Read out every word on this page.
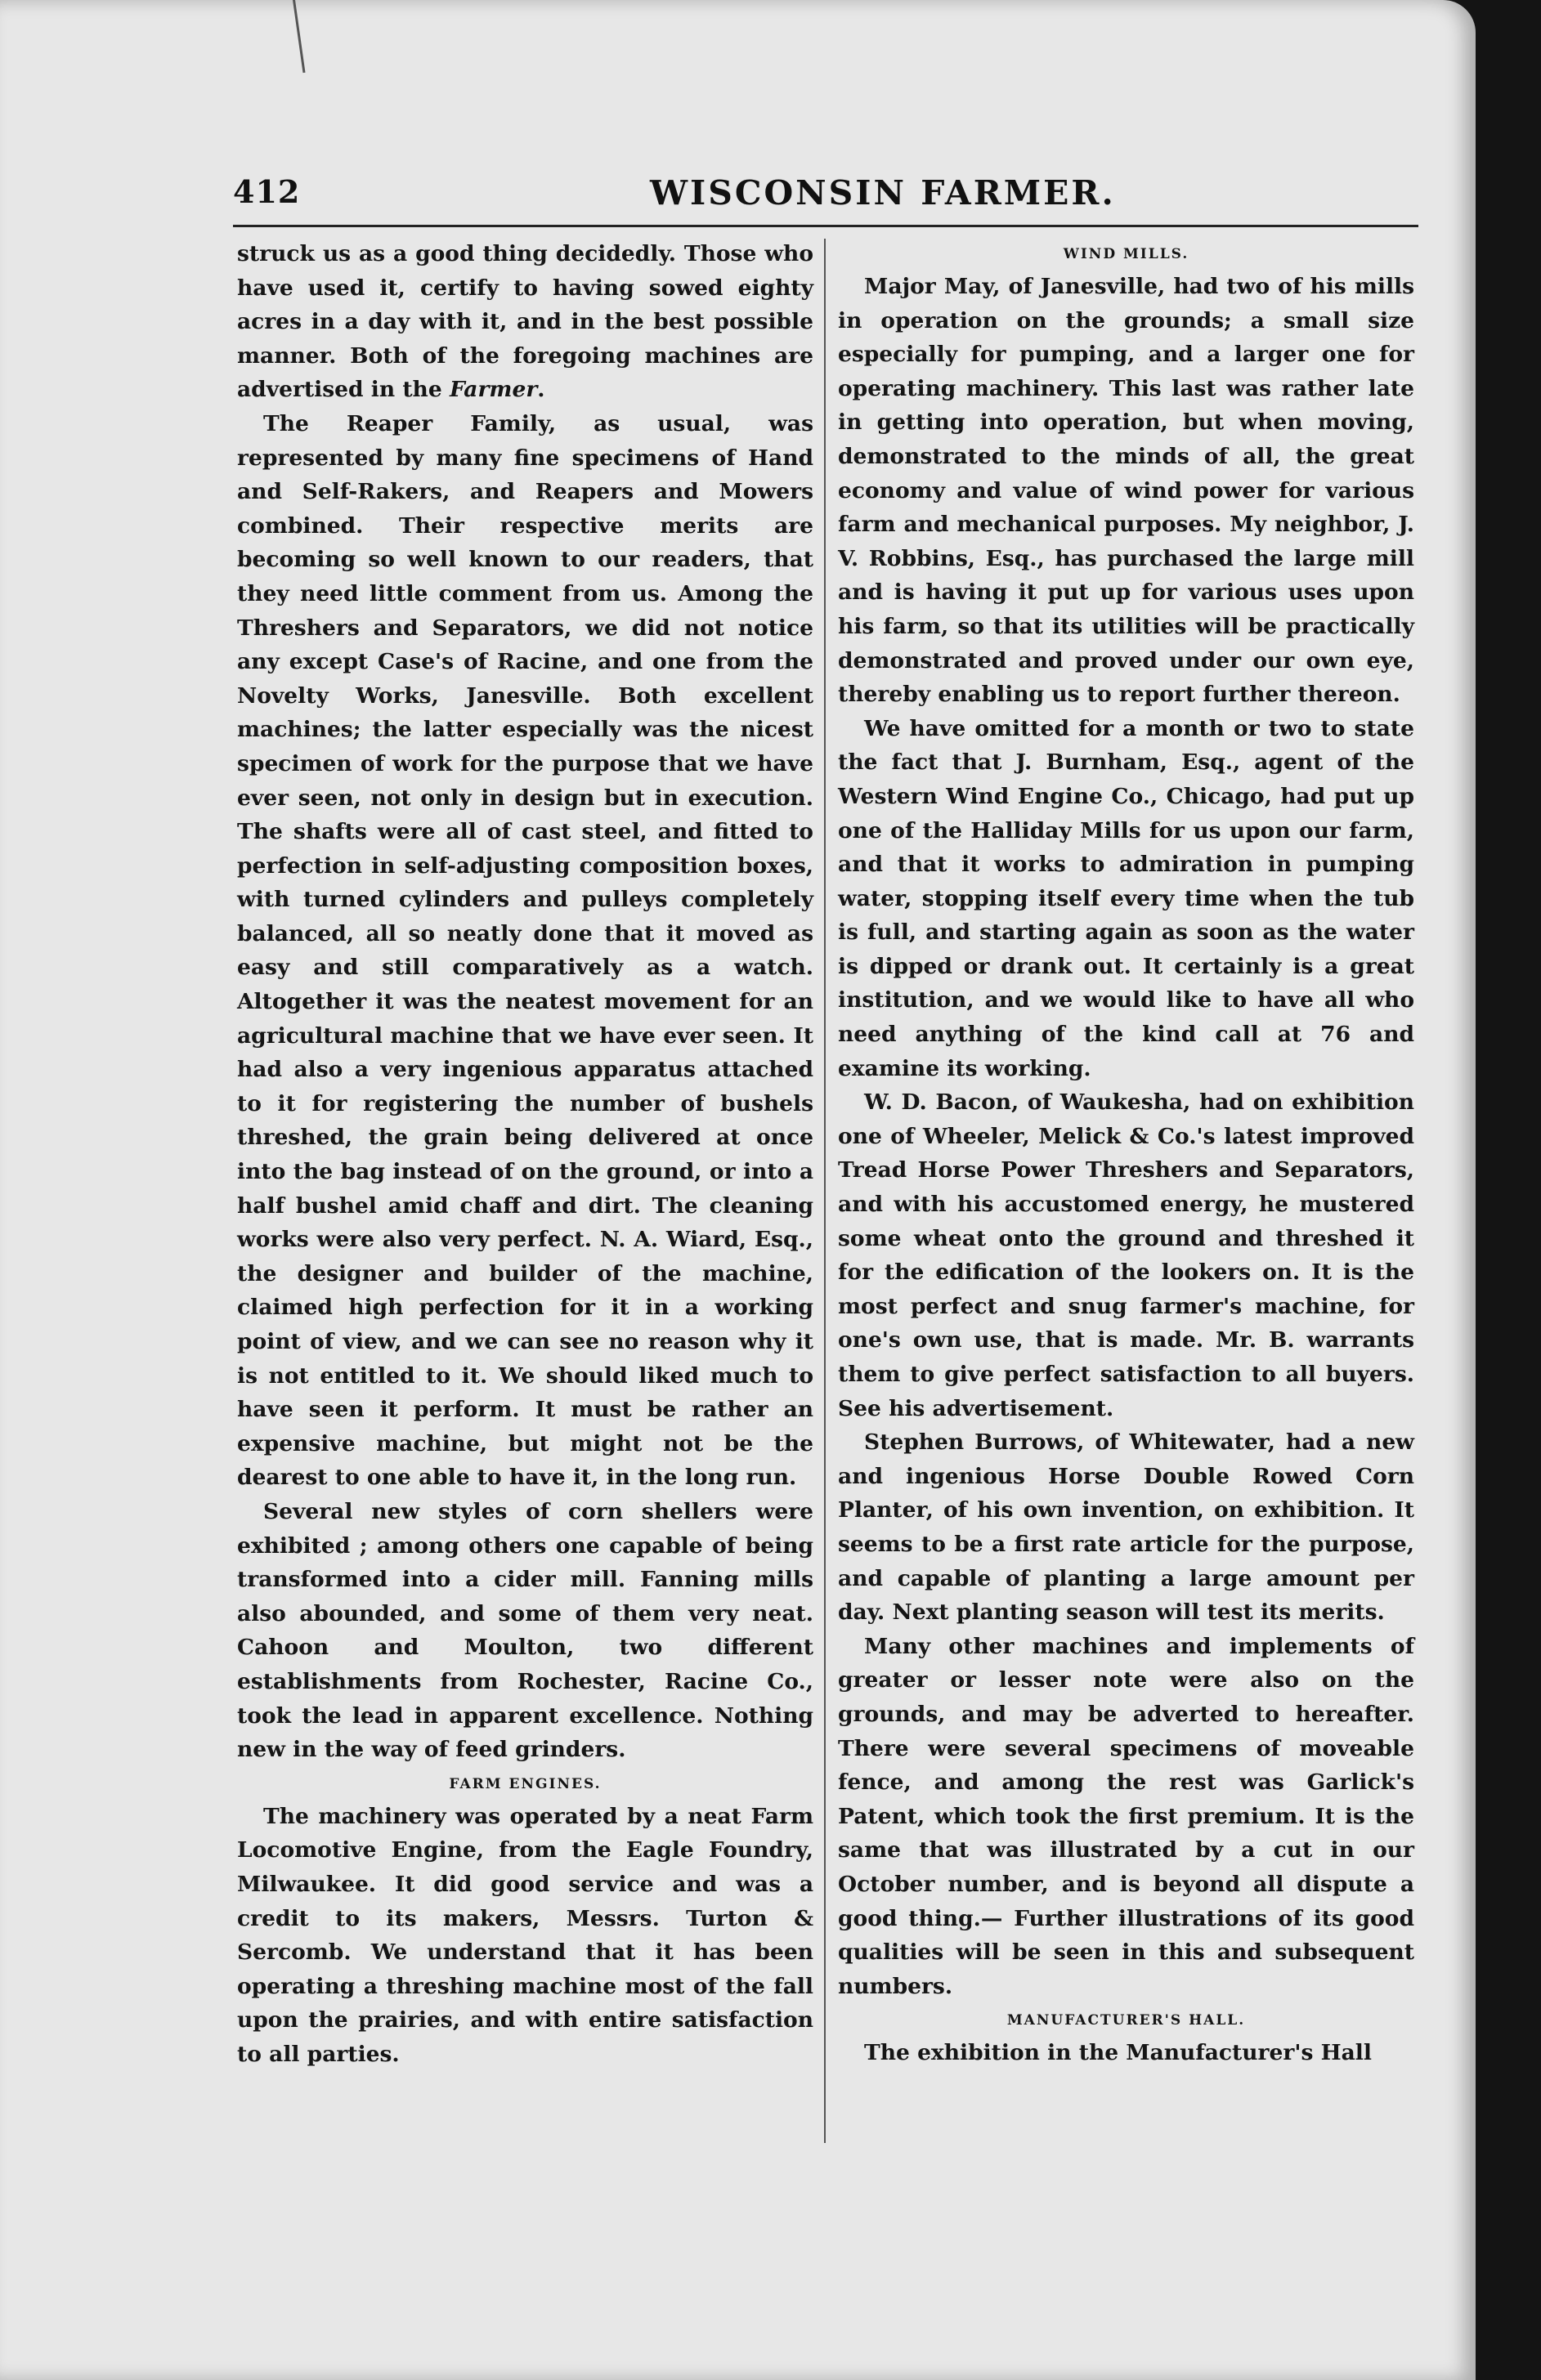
412	WISCONSIN FARMER.

struck us as a good thing decidedly. Those who have used it, certify to having sowed eighty acres in a day with it, and in the best possible manner. Both of the foregoing machines are advertised in the Farmer.

The Reaper Family, as usual, was represented by many fine specimens of Hand and Self-Rakers, and Reapers and Mowers combined. Their respective merits are becoming so well known to our readers, that they need little comment from us. Among the Threshers and Separators, we did not notice any except Case's of Racine, and one from the Novelty Works, Janesville. Both excellent machines; the latter especially was the nicest specimen of work for the purpose that we have ever seen, not only in design but in execution. The shafts were all of cast steel, and fitted to perfection in self-adjusting composition boxes, with turned cylinders and pulleys completely balanced, all so neatly done that it moved as easy and still comparatively as a watch. Altogether it was the neatest movement for an agricultural machine that we have ever seen. It had also a very ingenious apparatus attached to it for registering the number of bushels threshed, the grain being delivered at once into the bag instead of on the ground, or into a half bushel amid chaff and dirt. The cleaning works were also very perfect. N. A. Wiard, Esq., the designer and builder of the machine, claimed high perfection for it in a working point of view, and we can see no reason why it is not entitled to it. We should liked much to have seen it perform. It must be rather an expensive machine, but might not be the dearest to one able to have it, in the long run.

Several new styles of corn shellers were exhibited ; among others one capable of being transformed into a cider mill. Fanning mills also abounded, and some of them very neat. Cahoon and Moulton, two different establishments from Rochester, Racine Co., took the lead in apparent excellence. Nothing new in the way of feed grinders.

FARM ENGINES.

The machinery was operated by a neat Farm Locomotive Engine, from the Eagle Foundry, Milwaukee. It did good service and was a credit to its makers, Messrs. Turton & Sercomb. We understand that it has been operating a threshing machine most of the fall upon the prairies, and with entire satisfaction to all parties.

WIND MILLS.

Major May, of Janesville, had two of his mills in operation on the grounds; a small size especially for pumping, and a larger one for operating machinery. This last was rather late in getting into operation, but when moving, demonstrated to the minds of all, the great economy and value of wind power for various farm and mechanical purposes. My neighbor, J. V. Robbins, Esq., has purchased the large mill and is having it put up for various uses upon his farm, so that its utilities will be practically demonstrated and proved under our own eye, thereby enabling us to report further thereon.

We have omitted for a month or two to state the fact that J. Burnham, Esq., agent of the Western Wind Engine Co., Chicago, had put up one of the Halliday Mills for us upon our farm, and that it works to admiration in pumping water, stopping itself every time when the tub is full, and starting again as soon as the water is dipped or drank out. It certainly is a great institution, and we would like to have all who need anything of the kind call at 76 and examine its working.

W. D. Bacon, of Waukesha, had on exhibition one of Wheeler, Melick & Co.'s latest improved Tread Horse Power Threshers and Separators, and with his accustomed energy, he mustered some wheat onto the ground and threshed it for the edification of the lookers on. It is the most perfect and snug farmer's machine, for one's own use, that is made. Mr. B. warrants them to give perfect satisfaction to all buyers. See his advertisement.

Stephen Burrows, of Whitewater, had a new and ingenious Horse Double Rowed Corn Planter, of his own invention, on exhibition. It seems to be a first rate article for the purpose, and capable of planting a large amount per day. Next planting season will test its merits.

Many other machines and implements of greater or lesser note were also on the grounds, and may be adverted to hereafter. There were several specimens of moveable fence, and among the rest was Garlick's Patent, which took the first premium. It is the same that was illustrated by a cut in our October number, and is beyond all dispute a good thing.— Further illustrations of its good qualities will be seen in this and subsequent numbers.

MANUFACTURER'S HALL.

The exhibition in the Manufacturer's Hall
